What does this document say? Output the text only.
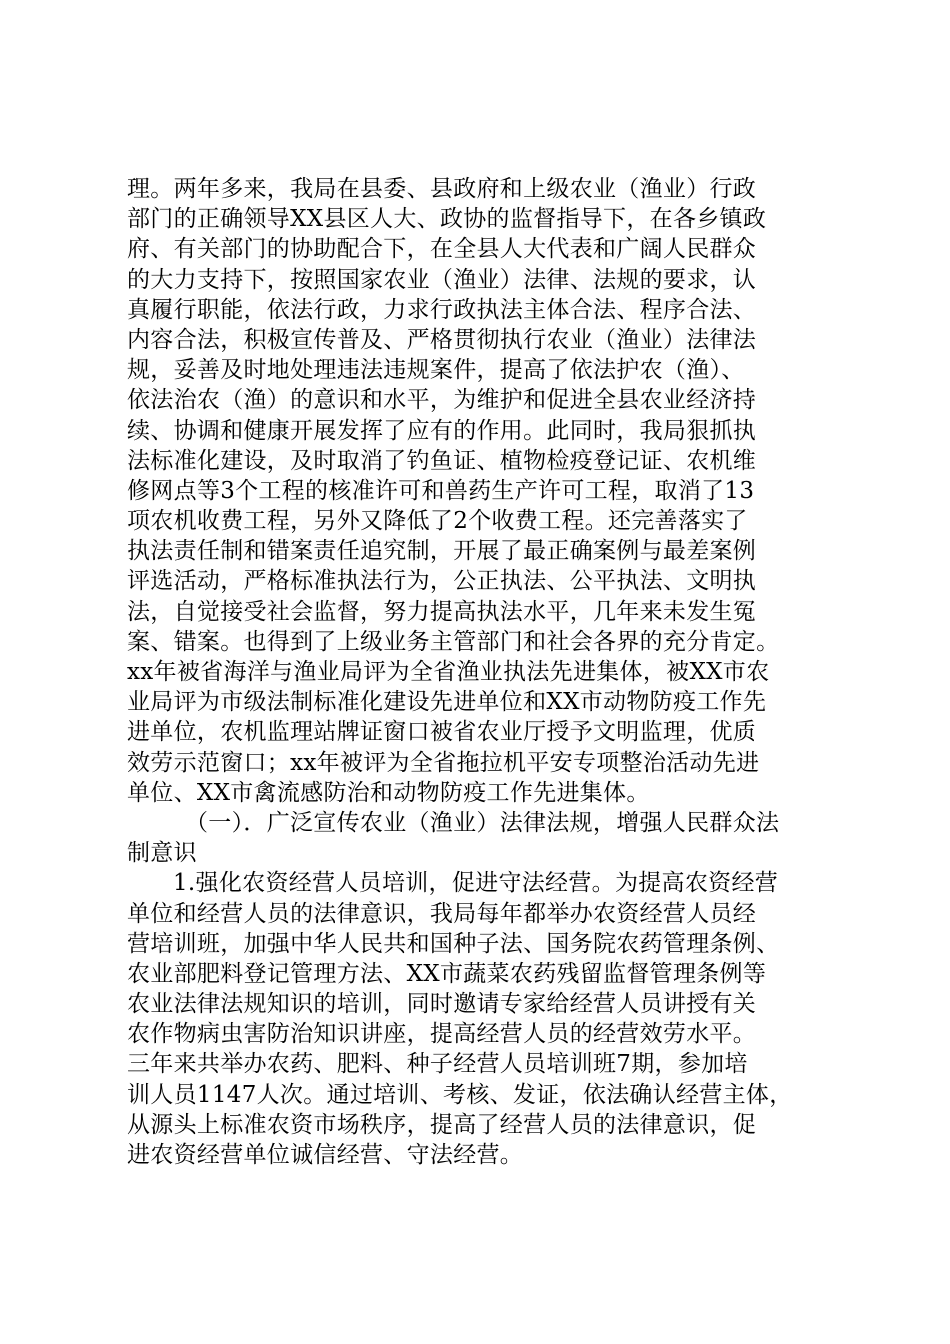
理。两年多来，我局在县委、县政府和上级农业（渔业）行政
部门的正确领导XX县区人大、政协的监督指导下，在各乡镇政
府、有关部门的协助配合下，在全县人大代表和广阔人民群众
的大力支持下，按照国家农业（渔业）法律、法规的要求，认
真履行职能，依法行政，力求行政执法主体合法、程序合法、
内容合法，积极宣传普及、严格贯彻执行农业（渔业）法律法
规，妥善及时地处理违法违规案件，提高了依法护农（渔）、
依法治农（渔）的意识和水平，为维护和促进全县农业经济持
续、协调和健康开展发挥了应有的作用。此同时，我局狠抓执
法标准化建设，及时取消了钓鱼证、植物检疫登记证、农机维
修网点等3个工程的核准许可和兽药生产许可工程，取消了13
项农机收费工程，另外又降低了2个收费工程。还完善落实了
执法责任制和错案责任追究制，开展了最正确案例与最差案例
评选活动，严格标准执法行为，公正执法、公平执法、文明执
法，自觉接受社会监督，努力提高执法水平，几年来未发生冤
案、错案。也得到了上级业务主管部门和社会各界的充分肯定。
xx年被省海洋与渔业局评为全省渔业执法先进集体，被XX市农
业局评为市级法制标准化建设先进单位和XX市动物防疫工作先
进单位，农机监理站牌证窗口被省农业厅授予文明监理，优质
效劳示范窗口；xx年被评为全省拖拉机平安专项整治活动先进
单位、XX市禽流感防治和动物防疫工作先进集体。
（一）．广泛宣传农业（渔业）法律法规，增强人民群众法
制意识
1.强化农资经营人员培训，促进守法经营。为提高农资经营
单位和经营人员的法律意识，我局每年都举办农资经营人员经
营培训班，加强中华人民共和国种子法、国务院农药管理条例、
农业部肥料登记管理方法、XX市蔬菜农药残留监督管理条例等
农业法律法规知识的培训，同时邀请专家给经营人员讲授有关
农作物病虫害防治知识讲座，提高经营人员的经营效劳水平。
三年来共举办农药、肥料、种子经营人员培训班7期，参加培
训人员1147人次。通过培训、考核、发证，依法确认经营主体，
从源头上标准农资市场秩序，提高了经营人员的法律意识，促
进农资经营单位诚信经营、守法经营。
